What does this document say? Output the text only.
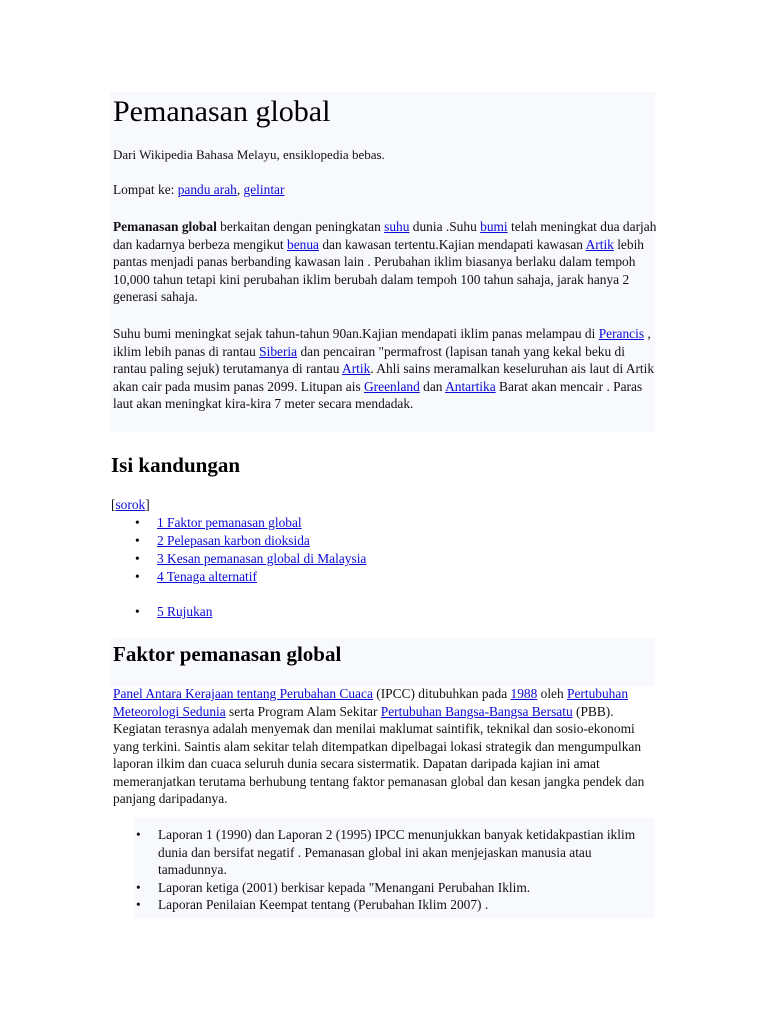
Pemanasan global
Dari Wikipedia Bahasa Melayu, ensiklopedia bebas.
Lompat ke: pandu arah, gelintar

Pemanasan global berkaitan dengan peningkatan suhu dunia .Suhu bumi telah meningkat dua darjah dan kadarnya berbeza mengikut benua dan kawasan tertentu.Kajian mendapati kawasan Artik lebih pantas menjadi panas berbanding kawasan lain . Perubahan iklim biasanya berlaku dalam tempoh 10,000 tahun tetapi kini perubahan iklim berubah dalam tempoh 100 tahun sahaja, jarak hanya 2 generasi sahaja.

Suhu bumi meningkat sejak tahun-tahun 90an.Kajian mendapati iklim panas melampau di Perancis , iklim lebih panas di rantau Siberia dan pencairan "permafrost (lapisan tanah yang kekal beku di rantau paling sejuk) terutamanya di rantau Artik. Ahli sains meramalkan keseluruhan ais laut di Artik akan cair pada musim panas 2099. Litupan ais Greenland dan Antartika Barat akan mencair . Paras laut akan meningkat kira-kira 7 meter secara mendadak.

Isi kandungan
[sorok]
• 1 Faktor pemanasan global
• 2 Pelepasan karbon dioksida
• 3 Kesan pemanasan global di Malaysia
• 4 Tenaga alternatif
• 5 Rujukan
Faktor pemanasan global

Panel Antara Kerajaan tentang Perubahan Cuaca (IPCC) ditubuhkan pada 1988 oleh Pertubuhan Meteorologi Sedunia serta Program Alam Sekitar Pertubuhan Bangsa-Bangsa Bersatu (PBB). Kegiatan terasnya adalah menyemak dan menilai maklumat saintifik, teknikal dan sosio-ekonomi yang terkini. Saintis alam sekitar telah ditempatkan dipelbagai lokasi strategik dan mengumpulkan laporan ilkim dan cuaca seluruh dunia secara sistermatik. Dapatan daripada kajian ini amat memeranjatkan terutama berhubung tentang faktor pemanasan global dan kesan jangka pendek dan panjang daripadanya.

• Laporan 1 (1990) dan Laporan 2 (1995) IPCC menunjukkan banyak ketidakpastian iklim dunia dan bersifat negatif . Pemanasan global ini akan menjejaskan manusia atau tamadunnya.
• Laporan ketiga (2001) berkisar kepada "Menangani Perubahan Iklim.
• Laporan Penilaian Keempat tentang (Perubahan Iklim 2007) .
